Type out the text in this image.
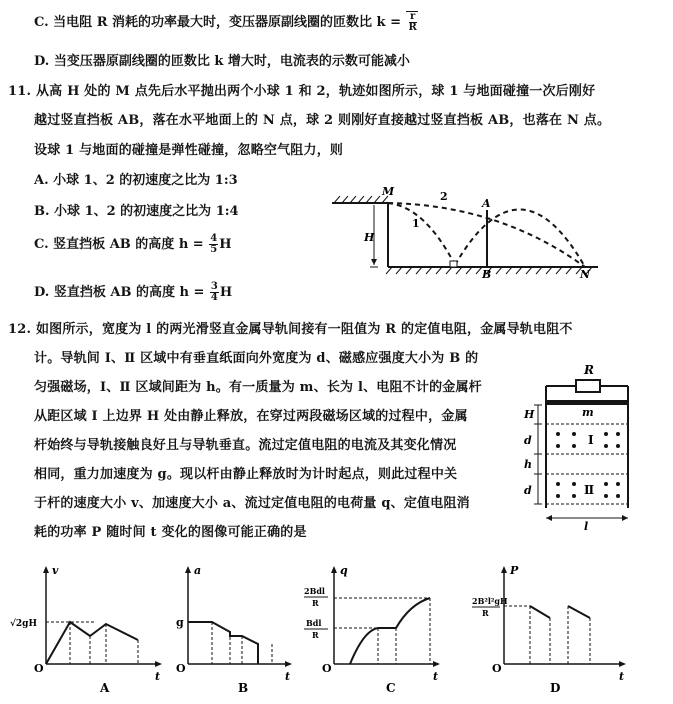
C. 当电阻 R 消耗的功率最大时，变压器原副线圈的匝数比 $k = \frac{r}{R}$
D. 当变压器原副线圈的匝数比 k 增大时，电流表的示数可能减小
11. 从高 H 处的 M 点先后水平抛出两个小球 1 和 2，轨迹如图所示，球 1 与地面碰撞一次后刚好
越过竖直挡板 AB，落在水平地面上的 N 点，球 2 则刚好直接越过竖直挡板 AB，也落在 N 点。
设球 1 与地面的碰撞是弹性碰撞，忽略空气阻力，则
A. 小球 1、2 的初速度之比为 1:3
B. 小球 1、2 的初速度之比为 1:4
C. 竖直挡板 AB 的高度 $h = \frac{4}{5}$ H
D. 竖直挡板 AB 的高度 $h = \frac{3}{4}$ H
H
M	2
1
A
B	N
12. 如图所示，宽度为 l 的两光滑竖直金属导轨间接有一阻值为 R 的定值电阻，金属导轨电阻不
计。导轨间 Ⅰ、Ⅱ 区域中有垂直纸面向外宽度为 d、磁感应强度大小为 B 的
匀强磁场，Ⅰ、Ⅱ 区域间距为 h。有一质量为 m、长为 l、电阻不计的金属杆
从距区域 Ⅰ 上边界 H 处由静止释放，在穿过两段磁场区域的过程中，金属
杆始终与导轨接触良好且与导轨垂直。流过定值电阻的电流及其变化情况
相同，重力加速度为 g。现以杆由静止释放时为计时起点，则此过程中关
于杆的速度大小 v、加速度大小 a、流过定值电阻的电荷量 q、定值电阻消
耗的功率 P 随时间 t 变化的图像可能正确的是
R
m
Ⅰ
Ⅱ
H
d
h
d
l
v
t
O
√2gH
A
a
t
O
g
B
q
t
O
2Bdl
R
Bdl
R
C
P
t
O
2B²l²gH
R
D
